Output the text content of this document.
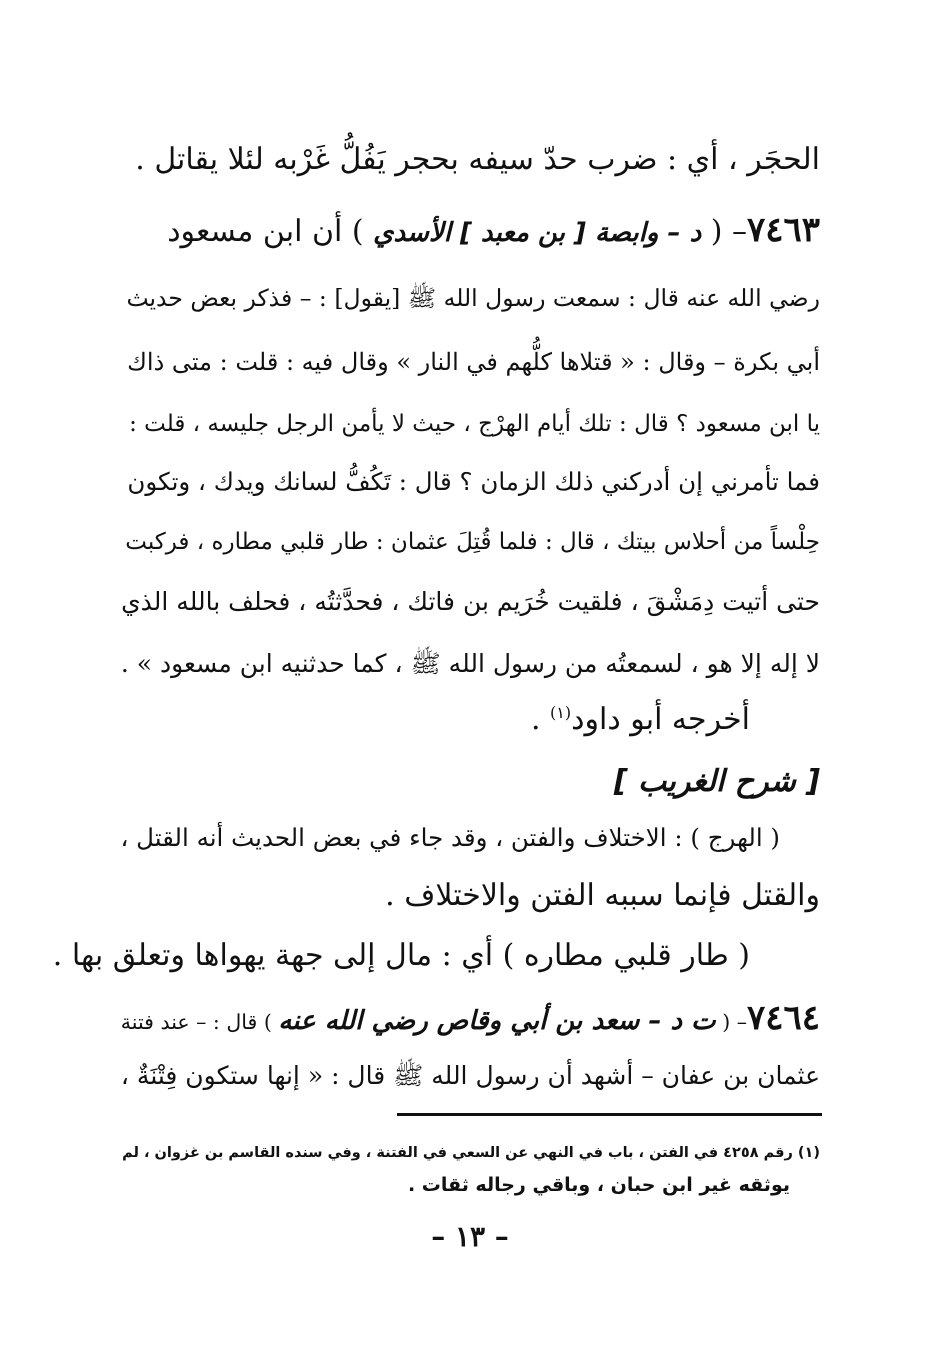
الحجَر ، أي : ضرب حدّ سيفه بحجر يَفُلُّ غَرْبه لئلا يقاتل .
٧٤٦٣– ( د – وابصة [ بن معبد ] الأسدي ) أن ابن مسعود
رضي الله عنه قال : سمعت رسول الله ﷺ [يقول] : – فذكر بعض حديث
أبي بكرة – وقال : « قتلاها كلُّهم في النار » وقال فيه : قلت : متى ذاك
يا ابن مسعود ؟ قال : تلك أيام الهرْج ، حيث لا يأمن الرجل جليسه ، قلت :
فما تأمرني إن أدركني ذلك الزمان ؟ قال : تَكُفُّ لسانك ويدك ، وتكون
حِلْساً من أحلاس بيتك ، قال : فلما قُتِلَ عثمان : طار قلبي مطاره ، فركبت
حتى أتيت دِمَشْقَ ، فلقيت خُرَيم بن فاتك ، فحدَّثتُه ، فحلف بالله الذي
لا إله إلا هو ، لسمعتُه من رسول الله ﷺ ، كما حدثنيه ابن مسعود » .
أخرجه أبو داود$^{(١)}$ .
[ شرح الغريب ]
( الهرج ) : الاختلاف والفتن ، وقد جاء في بعض الحديث أنه القتل ،
والقتل فإنما سببه الفتن والاختلاف .
( طار قلبي مطاره ) أي : مال إلى جهة يهواها وتعلق بها .
٧٤٦٤– ( ت د – سعد بن أبي وقاص رضي الله عنه ) قال : – عند فتنة
عثمان بن عفان – أشهد أن رسول الله ﷺ قال : « إنها ستكون فِتْنَةٌ ،
(١) رقم ٤٢٥٨ في الفتن ، باب في النهي عن السعي في الفتنة ، وفي سنده القاسم بن غزوان ، لم
يوثقه غير ابن حبان ، وباقي رجاله ثقات .
– ١٣ –
